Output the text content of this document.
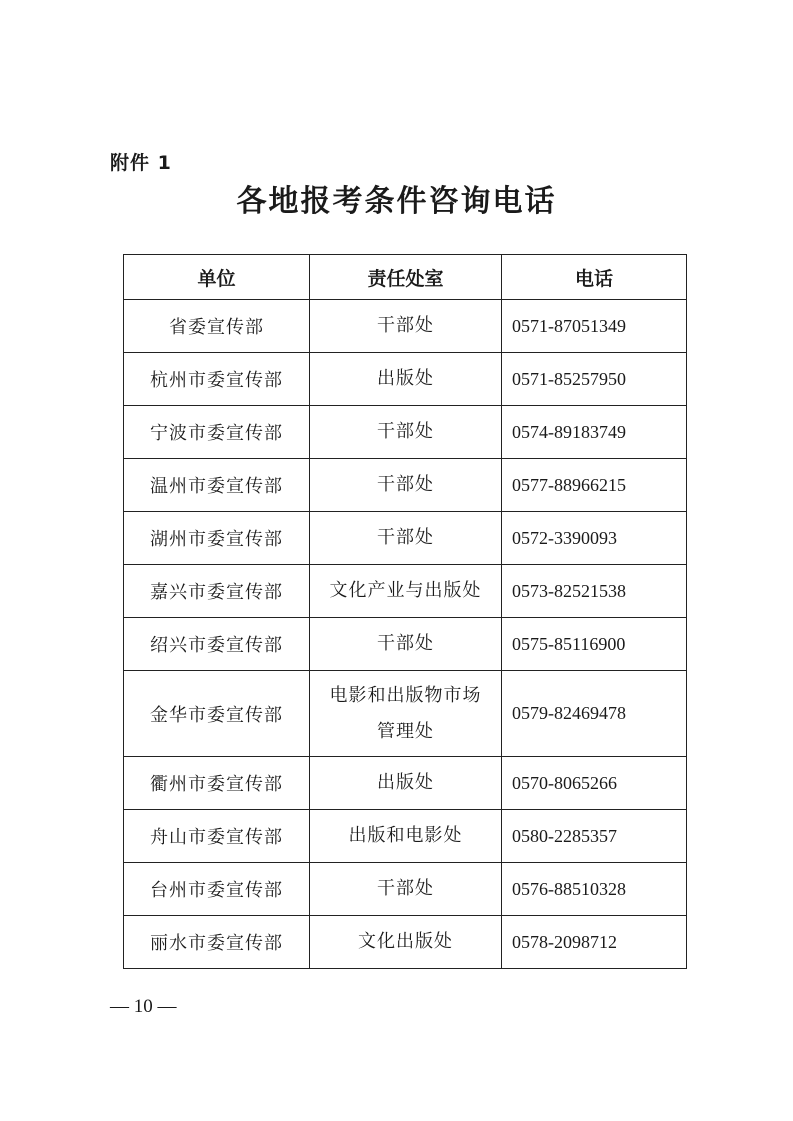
附件 1
各地报考条件咨询电话
单位	责任处室	电话
省委宣传部	干部处	0571-87051349
杭州市委宣传部	出版处	0571-85257950
宁波市委宣传部	干部处	0574-89183749
温州市委宣传部	干部处	0577-88966215
湖州市委宣传部	干部处	0572-3390093
嘉兴市委宣传部	文化产业与出版处	0573-82521538
绍兴市委宣传部	干部处	0575-85116900
金华市委宣传部	电影和出版物市场管理处	0579-82469478
衢州市委宣传部	出版处	0570-8065266
舟山市委宣传部	出版和电影处	0580-2285357
台州市委宣传部	干部处	0576-88510328
丽水市委宣传部	文化出版处	0578-2098712
— 10 —
